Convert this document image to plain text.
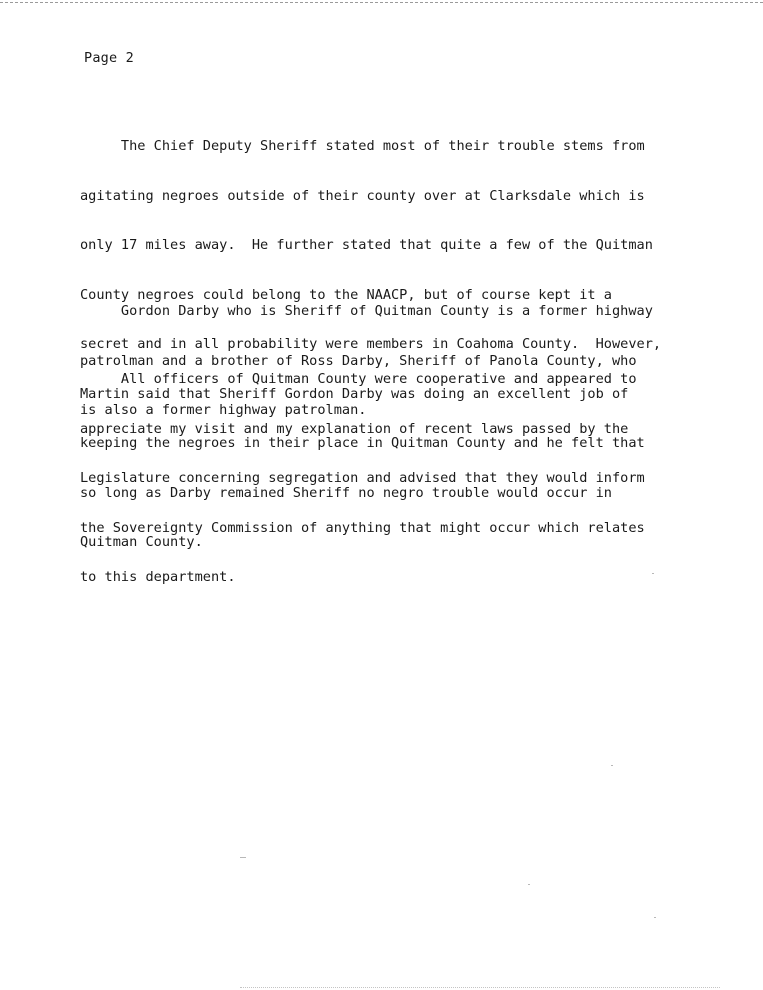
Page 2

The Chief Deputy Sheriff stated most of their trouble stems from

agitating negroes outside of their county over at Clarksdale which is

only 17 miles away.  He further stated that quite a few of the Quitman

County negroes could belong to the NAACP, but of course kept it a

secret and in all probability were members in Coahoma County.  However,

Martin said that Sheriff Gordon Darby was doing an excellent job of

keeping the negroes in their place in Quitman County and he felt that

so long as Darby remained Sheriff no negro trouble would occur in

Quitman County.

Gordon Darby who is Sheriff of Quitman County is a former highway

patrolman and a brother of Ross Darby, Sheriff of Panola County, who

is also a former highway patrolman.

All officers of Quitman County were cooperative and appeared to

appreciate my visit and my explanation of recent laws passed by the

Legislature concerning segregation and advised that they would inform

the Sovereignty Commission of anything that might occur which relates

to this department.
